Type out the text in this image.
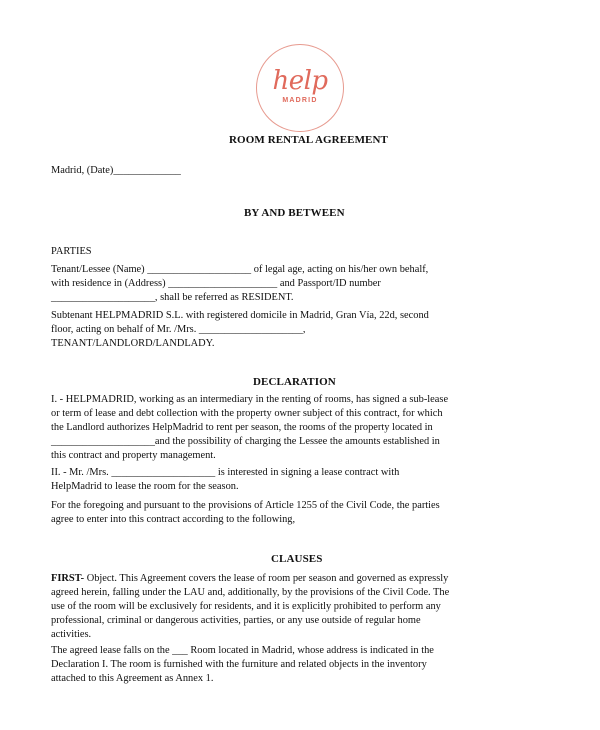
help
MADRID
ROOM RENTAL AGREEMENT
Madrid, (Date)_____________
BY AND BETWEEN
PARTIES
Tenant/Lessee (Name) ____________________ of legal age, acting on his/her own behalf,
with residence in (Address) _____________________ and Passport/ID number
____________________, shall be referred as RESIDENT.
Subtenant HELPMADRID S.L. with registered domicile in Madrid, Gran Vía, 22d, second
floor, acting on behalf of Mr. /Mrs. ____________________,
TENANT/LANDLORD/LANDLADY.
DECLARATION
I. - HELPMADRID, working as an intermediary in the renting of rooms, has signed a sub-lease
or term of lease and debt collection with the property owner subject of this contract, for which
the Landlord authorizes HelpMadrid to rent per season, the rooms of the property located in
____________________and the possibility of charging the Lessee the amounts established in
this contract and property management.
II. - Mr. /Mrs. ____________________ is interested in signing a lease contract with
HelpMadrid to lease the room for the season.
For the foregoing and pursuant to the provisions of Article 1255 of the Civil Code, the parties
agree to enter into this contract according to the following,
CLAUSES
FIRST- Object. This Agreement covers the lease of room per season and governed as expressly
agreed herein, falling under the LAU and, additionally, by the provisions of the Civil Code. The
use of the room will be exclusively for residents, and it is explicitly prohibited to perform any
professional, criminal or dangerous activities, parties, or any use outside of regular home
activities.
The agreed lease falls on the ___ Room located in Madrid, whose address is indicated in the
Declaration I. The room is furnished with the furniture and related objects in the inventory
attached to this Agreement as Annex 1.
